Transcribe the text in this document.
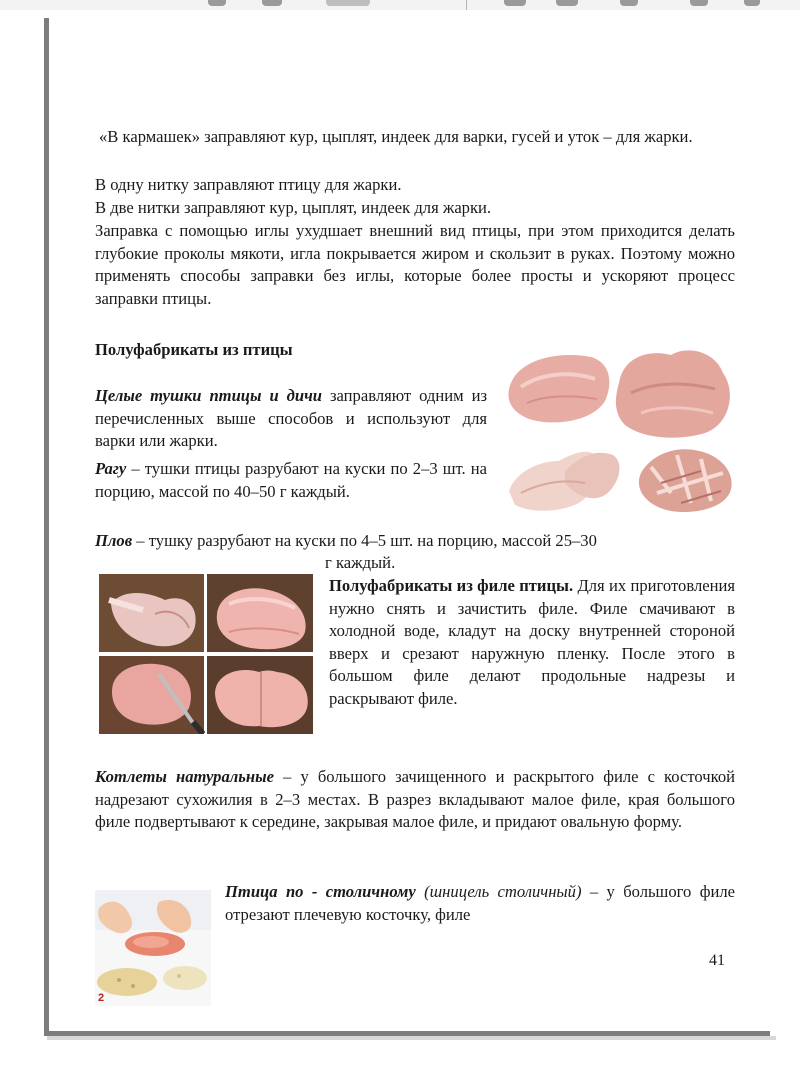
«В кармашек» заправляют кур, цыплят, индеек для варки, гусей и уток – для жарки.

В одну нитку заправляют птицу для жарки.

В две нитки заправляют кур, цыплят, индеек для жарки.

Заправка с помощью иглы ухудшает внешний вид птицы, при этом приходится делать глубокие проколы мякоти, игла покрывается жиром и скользит в руках. Поэтому можно применять способы заправки без иглы, которые более просты и ускоряют процесс заправки птицы.

Полуфабрикаты из птицы

Целые тушки птицы и дичи заправляют одним из перечисленных выше способов и используют для варки или жарки.

Рагу – тушки птицы разрубают на куски по 2–3 шт. на порцию, массой по 40–50 г каждый.

Плов – тушку разрубают на куски по 4–5 шт. на порцию, массой 25–30

г каждый.

Полуфабрикаты из филе птицы. Для их приготовления нужно снять и зачистить филе. Филе смачивают в холодной воде, кладут на доску внутренней стороной вверх и срезают наружную пленку. После этого в большом филе делают продольные надрезы и раскрывают филе.

Котлеты натуральные – у большого зачищенного и раскрытого филе с косточкой надрезают сухожилия в 2–3 местах. В разрез вкладывают малое филе, края большого филе подвертывают к середине, закрывая малое филе, и придают овальную форму.

2

Птица по - столичному (шницель столичный) – у большого филе отрезают плечевую косточку, филе

41
